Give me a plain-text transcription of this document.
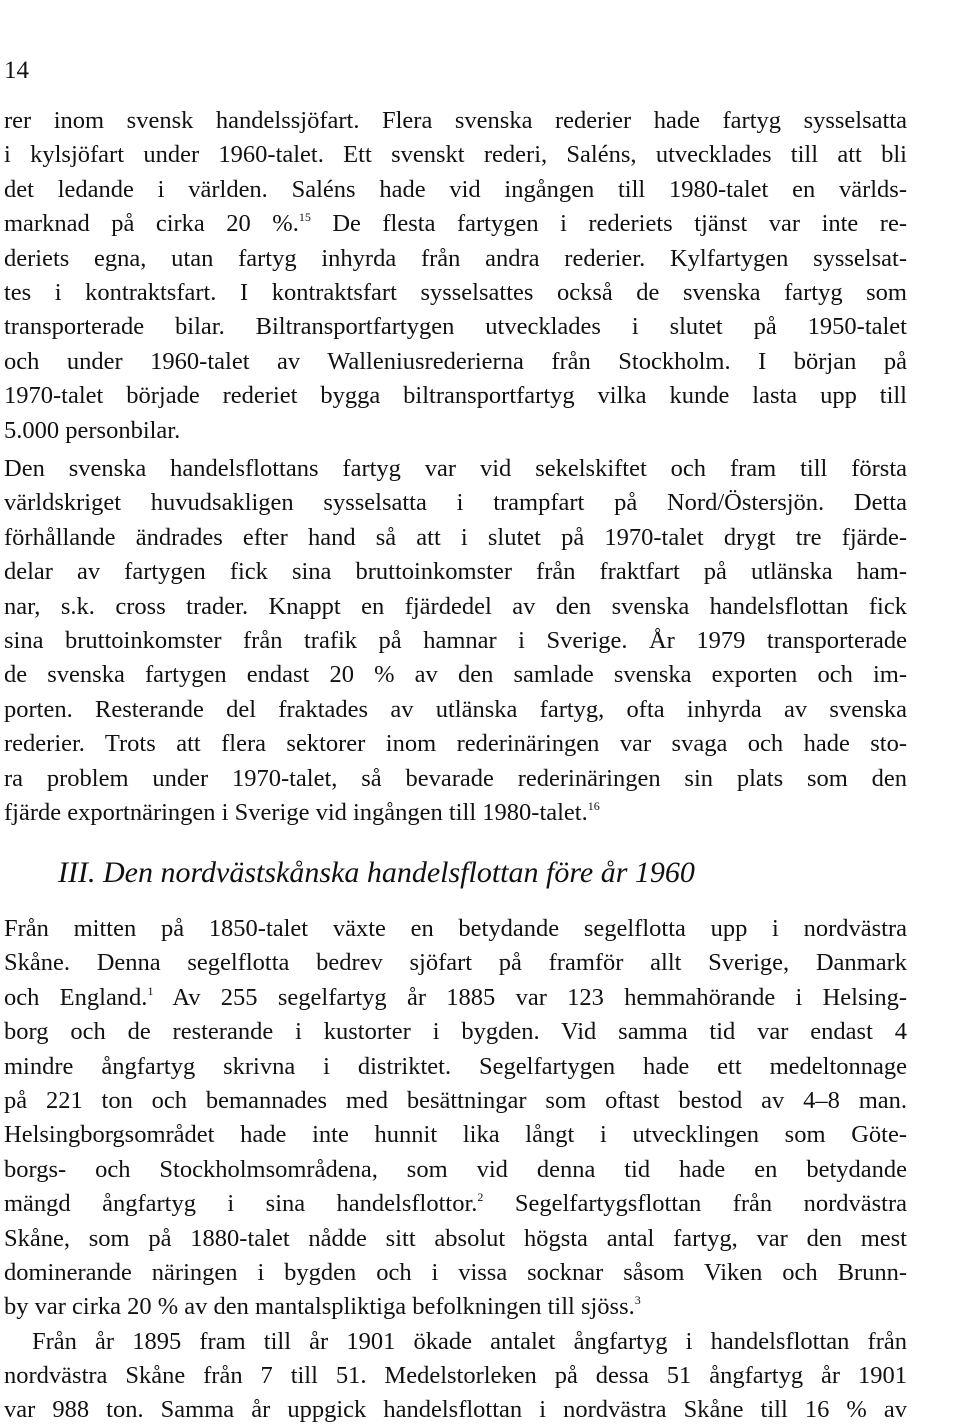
14
rer inom svensk handelssjöfart. Flera svenska rederier hade fartyg sysselsatta
i kylsjöfart under 1960-talet. Ett svenskt rederi, Saléns, utvecklades till att bli
det ledande i världen. Saléns hade vid ingången till 1980-talet en världs-
marknad på cirka 20 %.$^{15}$ De flesta fartygen i rederiets tjänst var inte re-
deriets egna, utan fartyg inhyrda från andra rederier. Kylfartygen sysselsat-
tes i kontraktsfart. I kontraktsfart sysselsattes också de svenska fartyg som
transporterade bilar. Biltransportfartygen utvecklades i slutet på 1950-talet
och under 1960-talet av Walleniusrederierna från Stockholm. I början på
1970-talet började rederiet bygga biltransportfartyg vilka kunde lasta upp till
5.000 personbilar.
Den svenska handelsflottans fartyg var vid sekelskiftet och fram till första
världskriget huvudsakligen sysselsatta i trampfart på Nord/Östersjön. Detta
förhållande ändrades efter hand så att i slutet på 1970-talet drygt tre fjärde-
delar av fartygen fick sina bruttoinkomster från fraktfart på utlänska ham-
nar, s.k. cross trader. Knappt en fjärdedel av den svenska handelsflottan fick
sina bruttoinkomster från trafik på hamnar i Sverige. År 1979 transporterade
de svenska fartygen endast 20 % av den samlade svenska exporten och im-
porten. Resterande del fraktades av utlänska fartyg, ofta inhyrda av svenska
rederier. Trots att flera sektorer inom rederinäringen var svaga och hade sto-
ra problem under 1970-talet, så bevarade rederinäringen sin plats som den
fjärde exportnäringen i Sverige vid ingången till 1980-talet.$^{16}$
III. Den nordvästskånska handelsflottan före år 1960
Från mitten på 1850-talet växte en betydande segelflotta upp i nordvästra
Skåne. Denna segelflotta bedrev sjöfart på framför allt Sverige, Danmark
och England.$^1$ Av 255 segelfartyg år 1885 var 123 hemmahörande i Helsing-
borg och de resterande i kustorter i bygden. Vid samma tid var endast 4
mindre ångfartyg skrivna i distriktet. Segelfartygen hade ett medeltonnage
på 221 ton och bemannades med besättningar som oftast bestod av 4–8 man.
Helsingborgsområdet hade inte hunnit lika långt i utvecklingen som Göte-
borgs- och Stockholmsområdena, som vid denna tid hade en betydande
mängd ångfartyg i sina handelsflottor.$^2$ Segelfartygsflottan från nordvästra
Skåne, som på 1880-talet nådde sitt absolut högsta antal fartyg, var den mest
dominerande näringen i bygden och i vissa socknar såsom Viken och Brunn-
by var cirka 20 % av den mantalspliktiga befolkningen till sjöss.$^3$
Från år 1895 fram till år 1901 ökade antalet ångfartyg i handelsflottan från
nordvästra Skåne från 7 till 51. Medelstorleken på dessa 51 ångfartyg år 1901
var 988 ton. Samma år uppgick handelsflottan i nordvästra Skåne till 16 % av
